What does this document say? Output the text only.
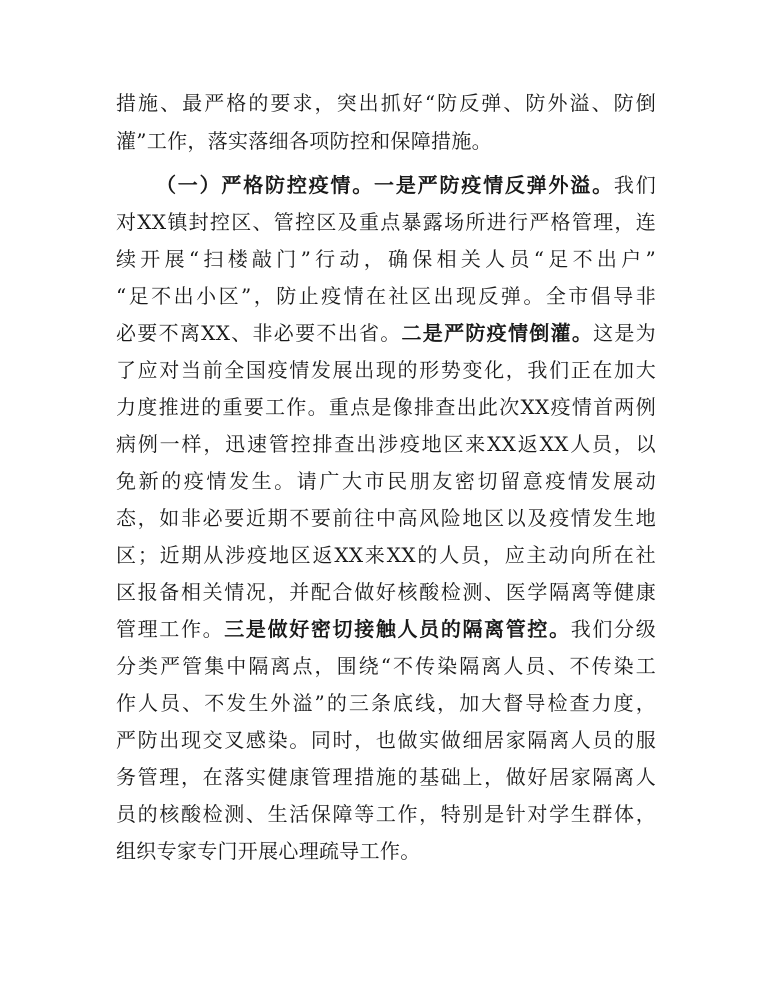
措施、最严格的要求，突出抓好“防反弹、防外溢、防倒
灌”工作，落实落细各项防控和保障措施。
（一）严格防控疫情。一是严防疫情反弹外溢。我们
对XX镇封控区、管控区及重点暴露场所进行严格管理，连
续开展“扫楼敲门”行动，确保相关人员“足不出户”
“足不出小区”，防止疫情在社区出现反弹。全市倡导非
必要不离XX、非必要不出省。二是严防疫情倒灌。这是为
了应对当前全国疫情发展出现的形势变化，我们正在加大
力度推进的重要工作。重点是像排查出此次XX疫情首两例
病例一样，迅速管控排查出涉疫地区来XX返XX人员，以
免新的疫情发生。请广大市民朋友密切留意疫情发展动
态，如非必要近期不要前往中高风险地区以及疫情发生地
区；近期从涉疫地区返XX来XX的人员，应主动向所在社
区报备相关情况，并配合做好核酸检测、医学隔离等健康
管理工作。三是做好密切接触人员的隔离管控。我们分级
分类严管集中隔离点，围绕“不传染隔离人员、不传染工
作人员、不发生外溢”的三条底线，加大督导检查力度，
严防出现交叉感染。同时，也做实做细居家隔离人员的服
务管理，在落实健康管理措施的基础上，做好居家隔离人
员的核酸检测、生活保障等工作，特别是针对学生群体，
组织专家专门开展心理疏导工作。
